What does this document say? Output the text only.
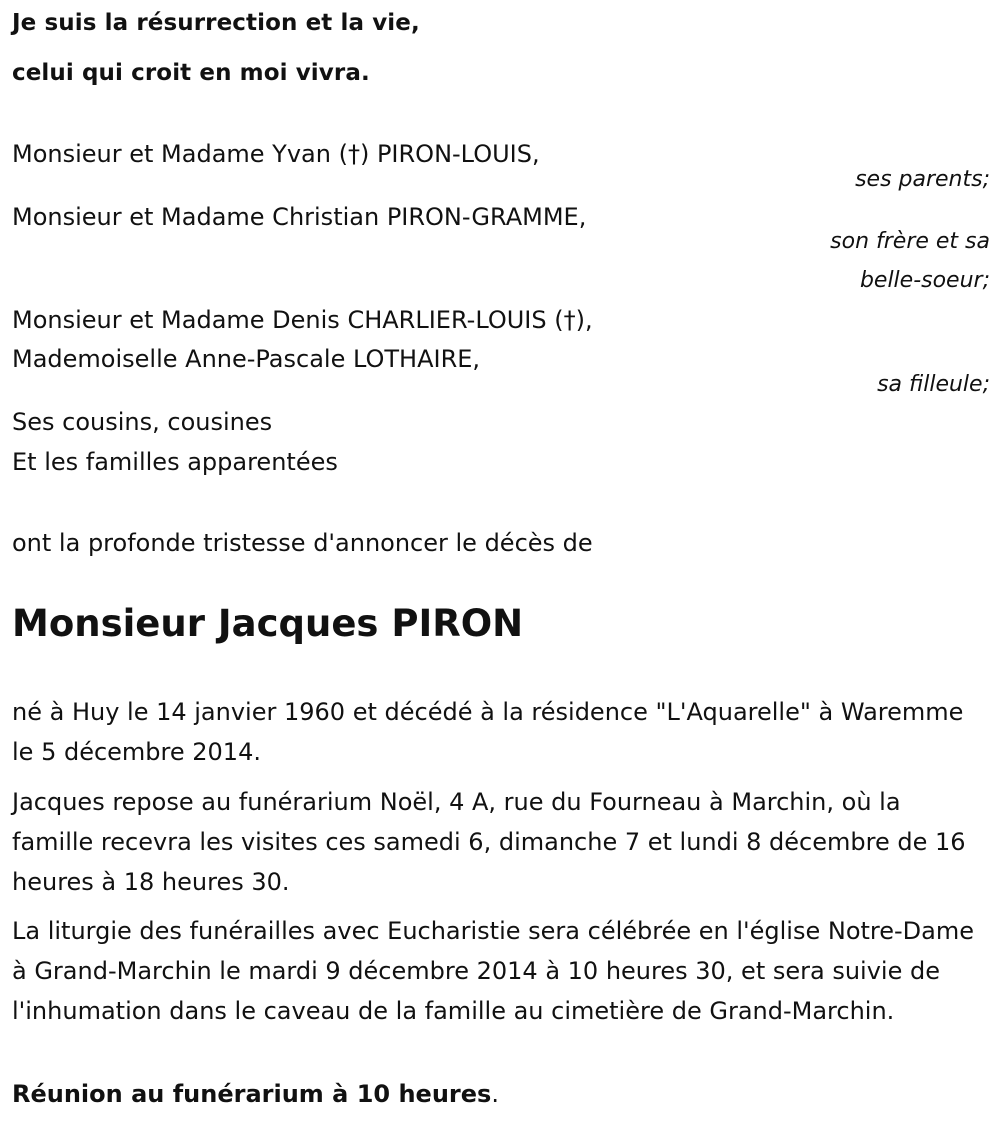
Je suis la résurrection et la vie,
celui qui croit en moi vivra.
Monsieur et Madame Yvan (†) PIRON-LOUIS,
ses parents;
Monsieur et Madame Christian PIRON-GRAMME,
son frère et sa
belle-soeur;
Monsieur et Madame Denis CHARLIER-LOUIS (†),
Mademoiselle Anne-Pascale LOTHAIRE,
sa filleule;
Ses cousins, cousines
Et les familles apparentées
ont la profonde tristesse d'annoncer le décès de
Monsieur Jacques PIRON
né à Huy le 14 janvier 1960 et décédé à la résidence "L'Aquarelle" à Waremme le 5 décembre 2014.
Jacques repose au funérarium Noël, 4 A, rue du Fourneau à Marchin, où la famille recevra les visites ces samedi 6, dimanche 7 et lundi 8 décembre de 16 heures à 18 heures 30.
La liturgie des funérailles avec Eucharistie sera célébrée en l'église Notre-Dame à Grand-Marchin le mardi 9 décembre 2014 à 10 heures 30, et sera suivie de l'inhumation dans le caveau de la famille au cimetière de Grand-Marchin.
Réunion au funérarium à 10 heures.
